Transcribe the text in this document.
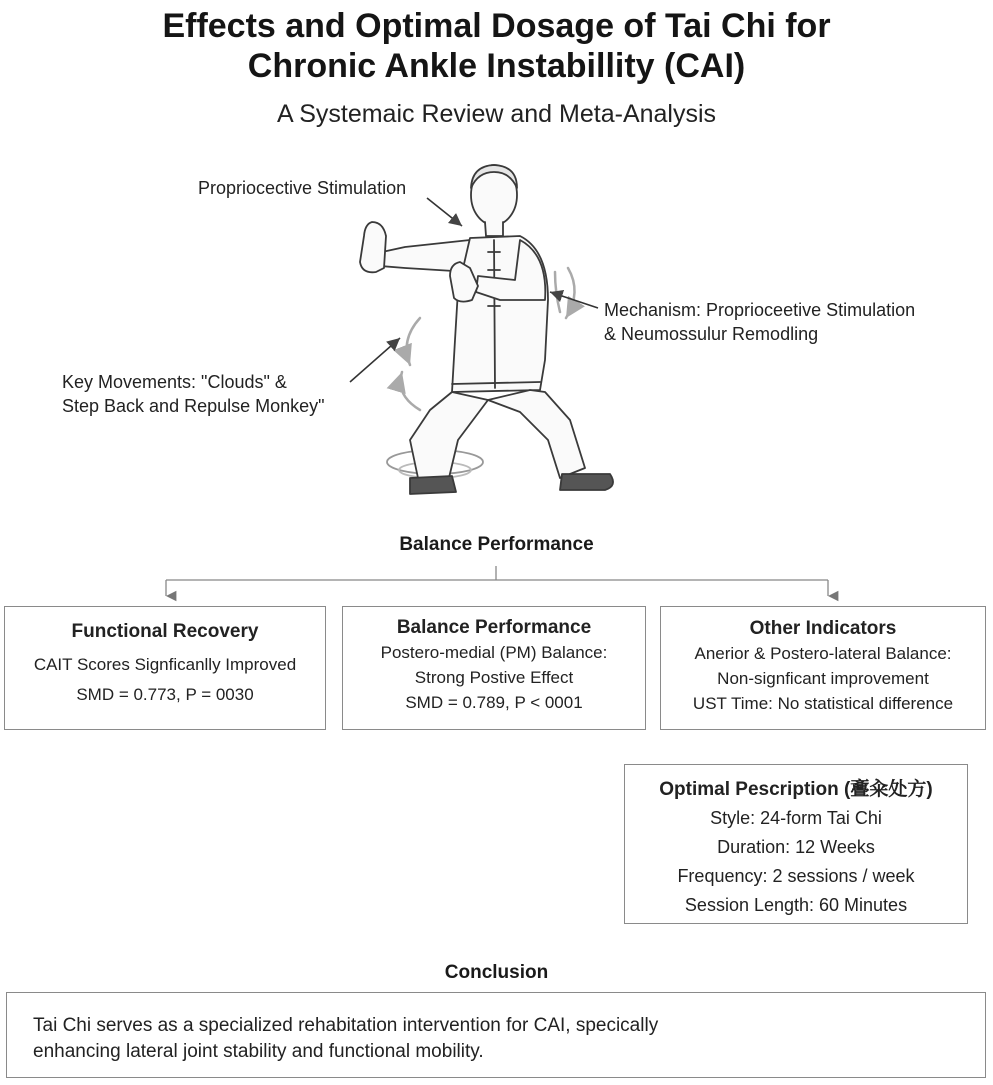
Effects and Optimal Dosage of Tai Chi for
Chronic Ankle Instabillity (CAI)
A Systemaic Review and Meta-Analysis
Propriocective Stimulation
Mechanism: Proprioceetive Stimulation
& Neumossulur Remodling
Key Movements: "Clouds" &
Step Back and Repulse Monkey"
Balance Performance
Functional Recovery
CAIT Scores Signficanlly Improved
SMD = 0.773, P = 0030
Balance Performance
Postero-medial (PM) Balance:
Strong Postive Effect
SMD = 0.789, P < 0001
Other Indicators
Anerior & Postero-lateral Balance:
Non-signficant improvement
UST Time: No statistical difference
Optimal Pescription (斖籴处方)
Style: 24-form Tai Chi
Duration: 12 Weeks
Frequency: 2 sessions / week
Session Length: 60 Minutes
Conclusion
Tai Chi serves as a specialized rehabitation intervention for CAI, specically
enhancing lateral joint stability and functional mobility.
